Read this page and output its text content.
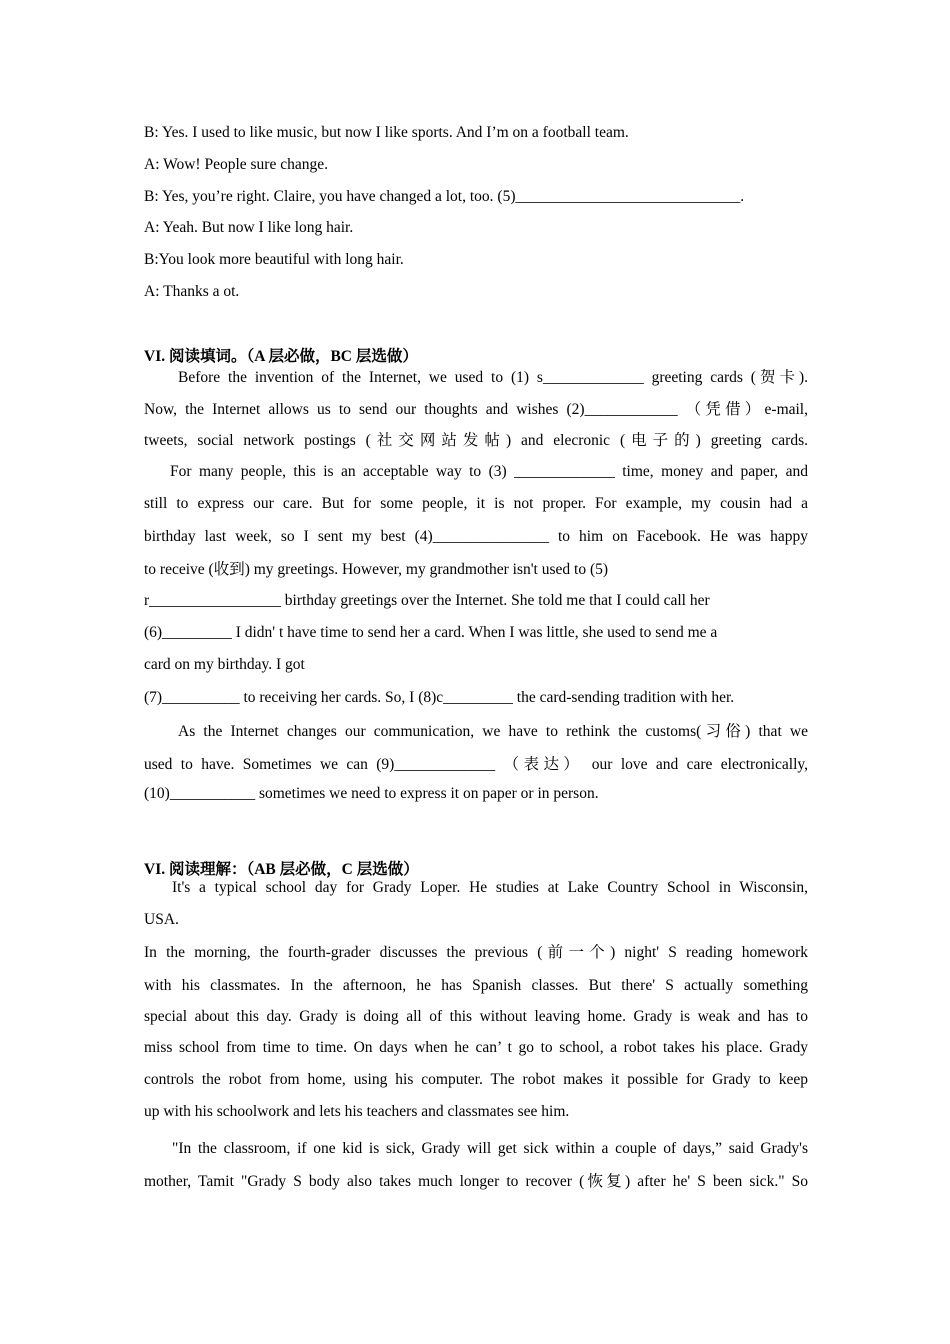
B: Yes. I used to like music, but now I like sports. And I’m on a football team.
A: Wow! People sure change.
B: Yes, you’re right. Claire, you have changed a lot, too. (5)_____________________________.
A: Yeah. But now I like long hair.
B:You look more beautiful with long hair.
A: Thanks a ot.
VI. 阅读填词。（A 层必做，BC 层选做）
Before the invention of the Internet, we used to (1) s_____________ greeting cards (贺卡).
Now, the Internet allows us to send our thoughts and wishes (2)____________ （凭借）e-mail,
tweets, social network postings (社交网站发帖) and elecronic (电子的) greeting cards.
For many people, this is an acceptable way to (3) _____________ time, money and paper, and
still to express our care. But for some people, it is not proper. For example, my cousin had a
birthday last week, so I sent my best (4)_______________ to him on Facebook. He was happy
to receive (收到) my greetings. However, my grandmother isn't used to (5)
r_________________ birthday greetings over the Internet. She told me that I could call her
(6)_________ I didn' t have time to send her a card. When I was little, she used to send me a
card on my birthday. I got
(7)__________ to receiving her cards. So, I (8)c_________ the card-sending tradition with her.
As the Internet changes our communication, we have to rethink the customs(习俗) that we
used to have. Sometimes we can (9)_____________ （表达） our love and care electronically,
(10)___________ sometimes we need to express it on paper or in person.
VI. 阅读理解：（AB 层必做，C 层选做）
It's a typical school day for Grady Loper. He studies at Lake Country School in Wisconsin,
USA.
In the morning, the fourth-grader discusses the previous (前一个) night' S reading homework
with his classmates. In the afternoon, he has Spanish classes. But there' S actually something
special about this day. Grady is doing all of this without leaving home. Grady is weak and has to
miss school from time to time. On days when he can’ t go to school, a robot takes his place. Grady
controls the robot from home, using his computer. The robot makes it possible for Grady to keep
up with his schoolwork and lets his teachers and classmates see him.
"In the classroom, if one kid is sick, Grady will get sick within a couple of days,” said Grady's
mother, Tamit "Grady S body also takes much longer to recover (恢复) after he' S been sick." So
